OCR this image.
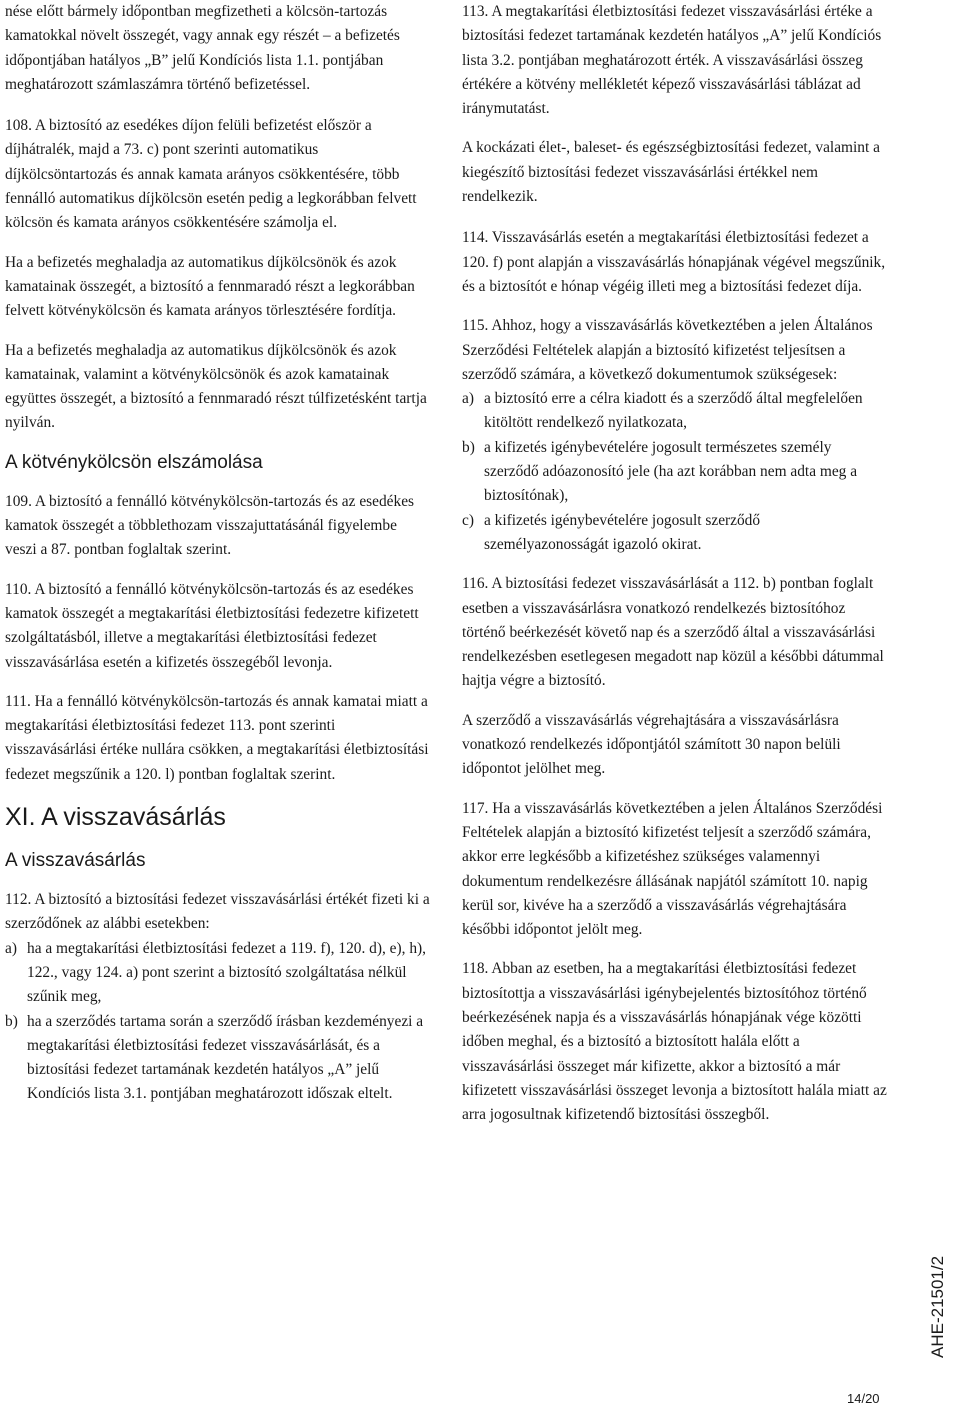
nése előtt bármely időpontban megfizetheti a kölcsön-tartozás kamatokkal növelt összegét, vagy annak egy részét – a befizetés időpontjában hatályos „B” jelű Kondíciós lista 1.1. pontjában meghatározott számlaszámra történő befizetéssel.

108. A biztosító az esedékes díjon felüli befizetést először a díjhátralék, majd a 73. c) pont szerinti automatikus díjkölcsöntartozás és annak kamata arányos csökkentésére, több fennálló automatikus díjkölcsön esetén pedig a legkorábban felvett kölcsön és kamata arányos csökkentésére számolja el.

Ha a befizetés meghaladja az automatikus díjkölcsönök és azok kamatainak összegét, a biztosító a fennmaradó részt a legkorábban felvett kötvénykölcsön és kamata arányos törlesztésére fordítja.

Ha a befizetés meghaladja az automatikus díjkölcsönök és azok kamatainak, valamint a kötvénykölcsönök és azok kamatainak együttes összegét, a biztosító a fennmaradó részt túlfizetésként tartja nyilván.

A kötvénykölcsön elszámolása

109. A biztosító a fennálló kötvénykölcsön-tartozás és az esedékes kamatok összegét a többlethozam visszajuttatásánál figyelembe veszi a 87. pontban foglaltak szerint.

110. A biztosító a fennálló kötvénykölcsön-tartozás és az esedékes kamatok összegét a megtakarítási életbiztosítási fedezetre kifizetett szolgáltatásból, illetve a megtakarítási életbiztosítási fedezet visszavásárlása esetén a kifizetés összegéből levonja.

111. Ha a fennálló kötvénykölcsön-tartozás és annak kamatai miatt a megtakarítási életbiztosítási fedezet 113. pont szerinti visszavásárlási értéke nullára csökken, a megtakarítási életbiztosítási fedezet megszűnik a 120. l) pontban foglaltak szerint.

XI. A visszavásárlás
A visszavásárlás

112. A biztosító a biztosítási fedezet visszavásárlási értékét fizeti ki a szerződőnek az alábbi esetekben:

a) ha a megtakarítási életbiztosítási fedezet a 119. f), 120. d), e), h), 122., vagy 124. a) pont szerint a biztosító szolgáltatása nélkül szűnik meg,
b) ha a szerződés tartama során a szerződő írásban kezdeményezi a megtakarítási életbiztosítási fedezet visszavásárlását, és a biztosítási fedezet tartamának kezdetén hatályos „A” jelű Kondíciós lista 3.1. pontjában meghatározott időszak eltelt.

113. A megtakarítási életbiztosítási fedezet visszavásárlási értéke a biztosítási fedezet tartamának kezdetén hatályos „A” jelű Kondíciós lista 3.2. pontjában meghatározott érték. A visszavásárlási összeg értékére a kötvény mellékletét képező visszavásárlási táblázat ad iránymutatást.

A kockázati élet-, baleset- és egészségbiztosítási fedezet, valamint a kiegészítő biztosítási fedezet visszavásárlási értékkel nem rendelkezik.

114. Visszavásárlás esetén a megtakarítási életbiztosítási fedezet a 120. f) pont alapján a visszavásárlás hónapjának végével megszűnik, és a biztosítót e hónap végéig illeti meg a biztosítási fedezet díja.

115. Ahhoz, hogy a visszavásárlás következtében a jelen Általános Szerződési Feltételek alapján a biztosító kifizetést teljesítsen a szerződő számára, a következő dokumentumok szükségesek:

a) a biztosító erre a célra kiadott és a szerződő által megfelelően kitöltött rendelkező nyilatkozata,
b) a kifizetés igénybevételére jogosult természetes személy szerződő adóazonosító jele (ha azt korábban nem adta meg a biztosítónak),
c) a kifizetés igénybevételére jogosult szerződő személyazonosságát igazoló okirat.

116. A biztosítási fedezet visszavásárlását a 112. b) pontban foglalt esetben a visszavásárlásra vonatkozó rendelkezés biztosítóhoz történő beérkezését követő nap és a szerződő által a visszavásárlási rendelkezésben esetlegesen megadott nap közül a későbbi dátummal hajtja végre a biztosító.

A szerződő a visszavásárlás végrehajtására a visszavásárlásra vonatkozó rendelkezés időpontjától számított 30 napon belüli időpontot jelölhet meg.

117. Ha a visszavásárlás következtében a jelen Általános Szerződési Feltételek alapján a biztosító kifizetést teljesít a szerződő számára, akkor erre legkésőbb a kifizetéshez szükséges valamennyi dokumentum rendelkezésre állásának napjától számított 10. napig kerül sor, kivéve ha a szerződő a visszavásárlás végrehajtására későbbi időpontot jelölt meg.

118. Abban az esetben, ha a megtakarítási életbiztosítási fedezet biztosítottja a visszavásárlási igénybejelentés biztosítóhoz történő beérkezésének napja és a visszavásárlás hónapjának vége közötti időben meghal, és a biztosító a biztosított halála előtt a visszavásárlási összeget már kifizette, akkor a biztosító a már kifizetett visszavásárlási összeget levonja a biztosított halála miatt az arra jogosultnak kifizetendő biztosítási összegből.

AHE-21501/2
14/20
